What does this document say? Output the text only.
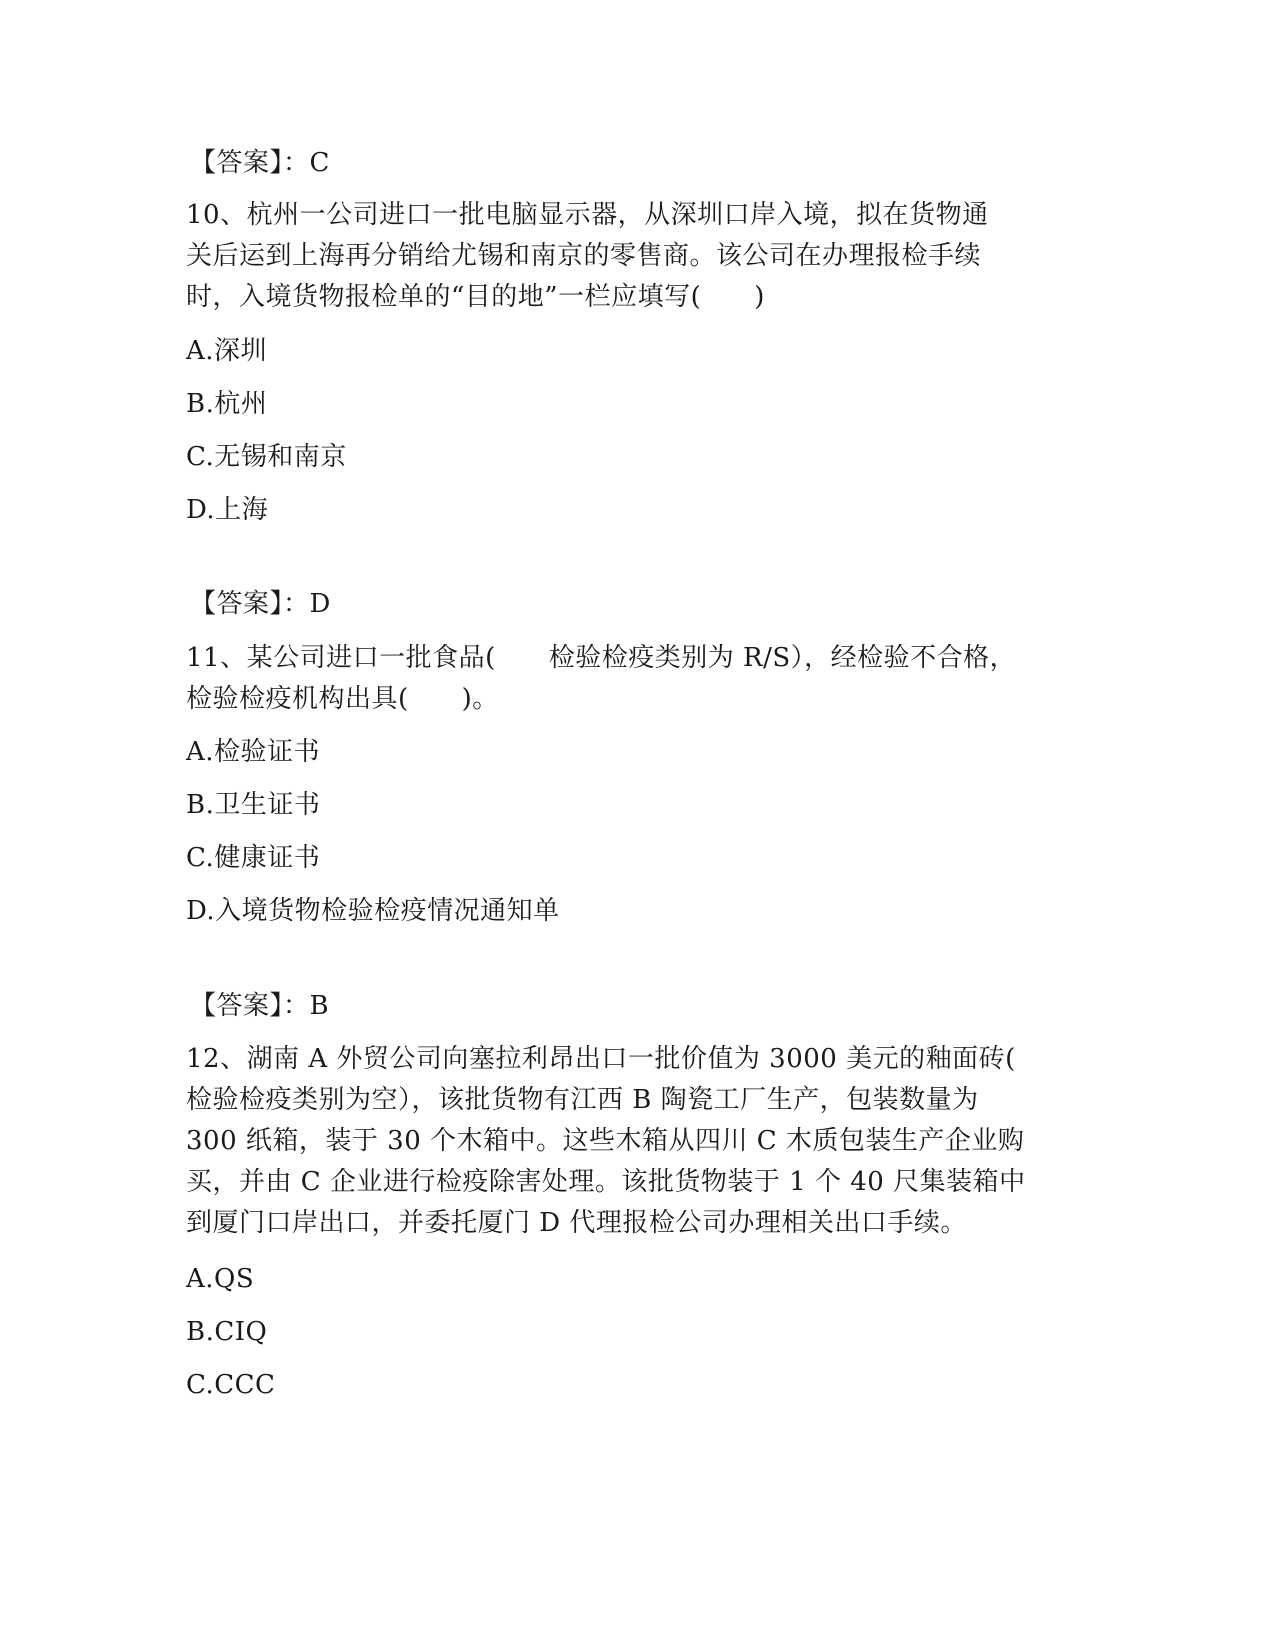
【答案】：C
10、杭州一公司进口一批电脑显示器，从深圳口岸入境，拟在货物通
关后运到上海再分销给尤锡和南京的零售商。该公司在办理报检手续
时，入境货物报检单的“目的地”一栏应填写(　　)
A.深圳
B.杭州
C.无锡和南京
D.上海
【答案】：D
11、某公司进口一批食品(　　检验检疫类别为 R/S），经检验不合格，
检验检疫机构出具(　　)。
A.检验证书
B.卫生证书
C.健康证书
D.入境货物检验检疫情况通知单
【答案】：B
12、湖南 A 外贸公司向塞拉利昂出口一批价值为 3000 美元的釉面砖(
检验检疫类别为空），该批货物有江西 B 陶瓷工厂生产，包装数量为
300 纸箱，装于 30 个木箱中。这些木箱从四川 C 木质包装生产企业购
买，并由 C 企业进行检疫除害处理。该批货物装于 1 个 40 尺集装箱中
到厦门口岸出口，并委托厦门 D 代理报检公司办理相关出口手续。
A.QS
B.CIQ
C.CCC
